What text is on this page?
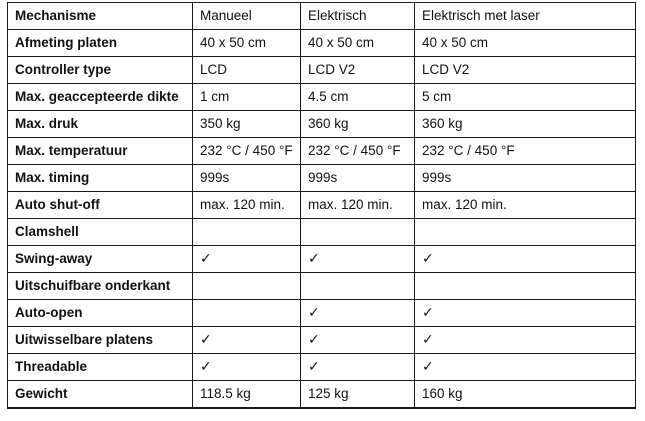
Mechanisme	Manueel	Elektrisch	Elektrisch met laser
Afmeting platen	40 x 50 cm	40 x 50 cm	40 x 50 cm
Controller type	LCD	LCD V2	LCD V2
Max. geaccepteerde dikte	1 cm	4.5 cm	5 cm
Max. druk	350 kg	360 kg	360 kg
Max. temperatuur	232 °C / 450 °F	232 °C / 450 °F	232 °C / 450 °F
Max. timing	999s	999s	999s
Auto shut-off	max. 120 min.	max. 120 min.	max. 120 min.
Clamshell			
Swing-away	✓	✓	✓
Uitschuifbare onderkant			
Auto-open		✓	✓
Uitwisselbare platens	✓	✓	✓
Threadable	✓	✓	✓
Gewicht	118.5 kg	125 kg	160 kg
